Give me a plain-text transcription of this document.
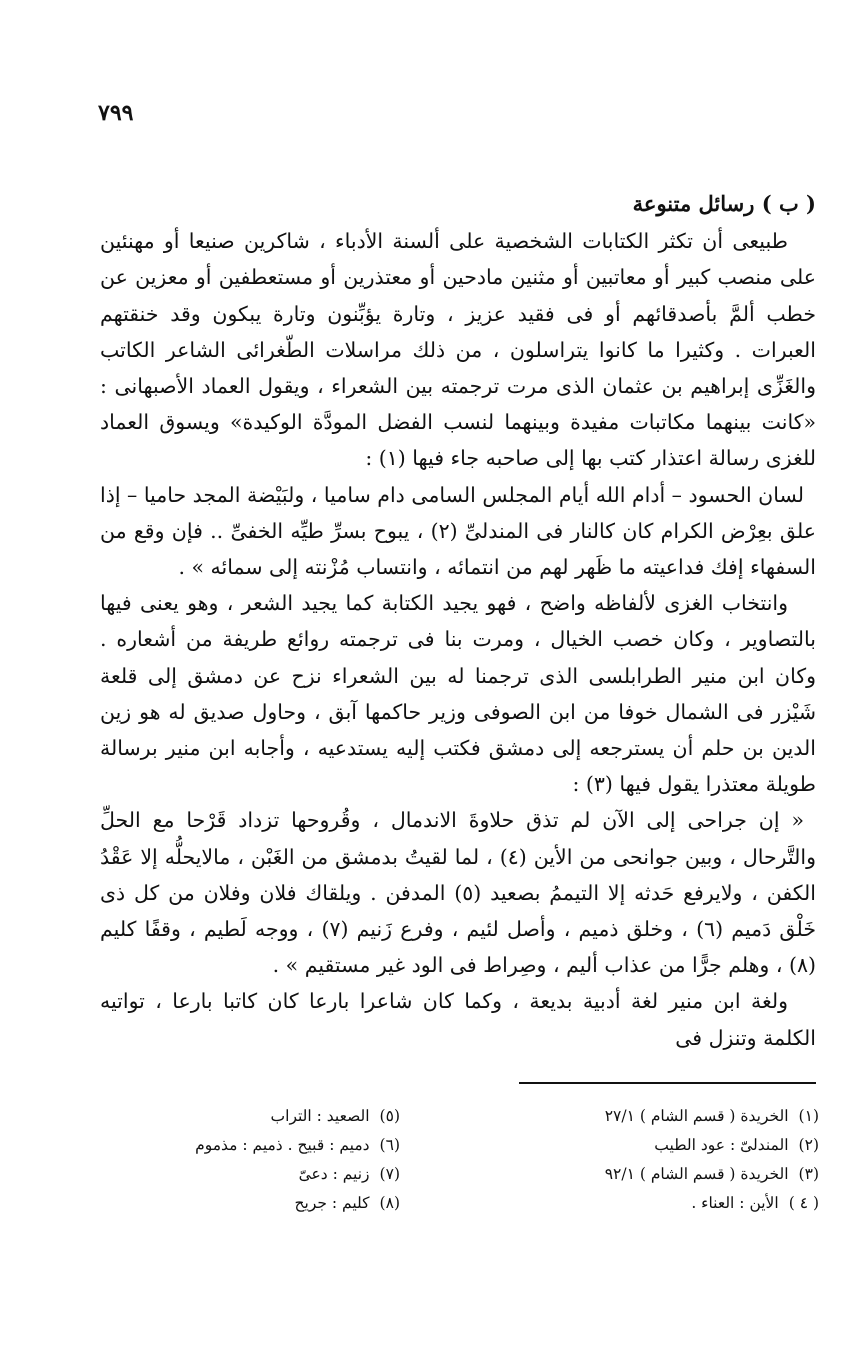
٧٩٩
( ب ) رسائل متنوعة

طبيعى أن تكثر الكتابات الشخصية على ألسنة الأدباء ، شاكرين صنيعا أو مهنئين على منصب كبير أو معاتبين أو مثنين مادحين أو معتذرين أو مستعطفين أو معزين عن خطب ألمَّ بأصدقائهم أو فى فقيد عزيز ، وتارة يؤبِّنون وتارة يبكون وقد خنقتهم العبرات . وكثيرا ما كانوا يتراسلون ، من ذلك مراسلات الطّغرائى الشاعر الكاتب والغَزِّى إبراهيم بن عثمان الذى مرت ترجمته بين الشعراء ، ويقول العماد الأصبهانى : «كانت بينهما مكاتبات مفيدة وبينهما لنسب الفضل المودَّة الوكيدة» ويسوق العماد للغزى رسالة اعتذار كتب بها إلى صاحبه جاء فيها (١) :

لسان الحسود – أدام الله أيام المجلس السامى دام ساميا ، ولبَيْضة المجد حاميا – إذا علق بعِرْض الكرام كان كالنار فى المندلىِّ (٢) ، يبوح بسرِّ طيِّه الخفىِّ .. فإن وقع من السفهاء إفك فداعيته ما ظَهر لهم من انتمائه ، وانتساب مُزْنته إلى سمائه » .

وانتخاب الغزى لألفاظه واضح ، فهو يجيد الكتابة كما يجيد الشعر ، وهو يعنى فيها بالتصاوير ، وكان خصب الخيال ، ومرت بنا فى ترجمته روائع طريفة من أشعاره . وكان ابن منير الطرابلسى الذى ترجمنا له بين الشعراء نزح عن دمشق إلى قلعة شَيْزر فى الشمال خوفا من ابن الصوفى وزير حاكمها آبق ، وحاول صديق له هو زين الدين بن حلم أن يسترجعه إلى دمشق فكتب إليه يستدعيه ، وأجابه ابن منير برسالة طويلة معتذرا يقول فيها (٣) :

« إن جراحى إلى الآن لم تذق حلاوةَ الاندمال ، وقُروحها تزداد قَرْحا مع الحلِّ والتَّرحال ، وبين جوانحى من الأين (٤) ، لما لقيتُ بدمشق من الغَبْن ، مالايحلُّه إلا عَقْدُ الكفن ، ولايرفع حَدثه إلا التيممُ بصعيد (٥) المدفن . ويلقاك فلان وفلان من كل ذى خَلْق دَميم (٦) ، وخلق ذميم ، وأصل لئيم ، وفرع زَنيم (٧) ، ووجه لَطيم ، وقفًا كليم (٨) ، وهلم جرًّا من عذاب أليم ، وصِراط فى الود غير مستقيم » .

ولغة ابن منير لغة أدبية بديعة ، وكما كان شاعرا بارعا كان كاتبا بارعا ، تواتيه الكلمة وتنزل فى

(١)الخريدة ( قسم الشام ) ٢٧/١
(٢)المندلىّ : عود الطيب
(٣)الخريدة ( قسم الشام ) ٩٢/١
( ٤ )الأين : العناء .
(٥)الصعيد : التراب
(٦)دميم : قبيح . ذميم : مذموم
(٧)زنيم : دعىّ
(٨)كليم : جريح
